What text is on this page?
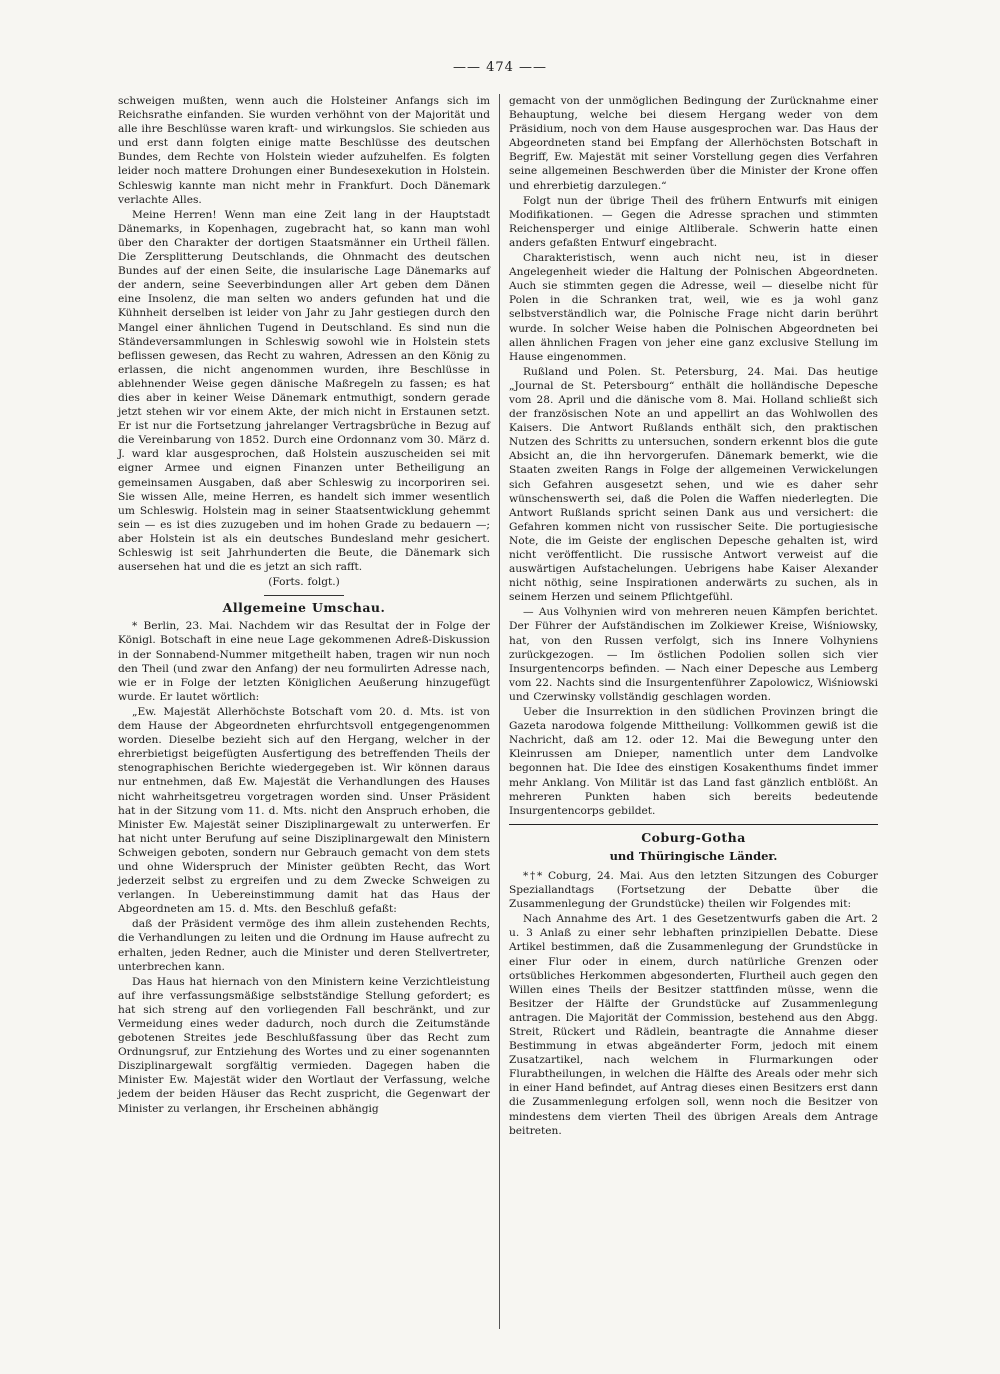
—— 474 ——

schweigen mußten, wenn auch die Holsteiner Anfangs sich im Reichsrathe einfanden. Sie wurden verhöhnt von der Majorität und alle ihre Beschlüsse waren kraft- und wirkungslos. Sie schieden aus und erst dann folgten einige matte Beschlüsse des deutschen Bundes, dem Rechte von Holstein wieder aufzuhelfen. Es folgten leider noch mattere Drohungen einer Bundesexekution in Holstein. Schleswig kannte man nicht mehr in Frankfurt. Doch Dänemark verlachte Alles.

Meine Herren! Wenn man eine Zeit lang in der Hauptstadt Dänemarks, in Kopenhagen, zugebracht hat, so kann man wohl über den Charakter der dortigen Staatsmänner ein Urtheil fällen. Die Zersplitterung Deutschlands, die Ohnmacht des deutschen Bundes auf der einen Seite, die insularische Lage Dänemarks auf der andern, seine Seeverbindungen aller Art geben dem Dänen eine Insolenz, die man selten wo anders gefunden hat und die Kühnheit derselben ist leider von Jahr zu Jahr gestiegen durch den Mangel einer ähnlichen Tugend in Deutschland. Es sind nun die Ständeversammlungen in Schleswig sowohl wie in Holstein stets beflissen gewesen, das Recht zu wahren, Adressen an den König zu erlassen, die nicht angenommen wurden, ihre Beschlüsse in ablehnender Weise gegen dänische Maßregeln zu fassen; es hat dies aber in keiner Weise Dänemark entmuthigt, sondern gerade jetzt stehen wir vor einem Akte, der mich nicht in Erstaunen setzt. Er ist nur die Fortsetzung jahrelanger Vertragsbrüche in Bezug auf die Vereinbarung von 1852. Durch eine Ordonnanz vom 30. März d. J. ward klar ausgesprochen, daß Holstein auszuscheiden sei mit eigner Armee und eignen Finanzen unter Betheiligung an gemeinsamen Ausgaben, daß aber Schleswig zu incorporiren sei. Sie wissen Alle, meine Herren, es handelt sich immer wesentlich um Schleswig. Holstein mag in seiner Staatsentwicklung gehemmt sein — es ist dies zuzugeben und im hohen Grade zu bedauern —; aber Holstein ist als ein deutsches Bundesland mehr gesichert. Schleswig ist seit Jahrhunderten die Beute, die Dänemark sich ausersehen hat und die es jetzt an sich rafft.

(Forts. folgt.)

Allgemeine Umschau.

* Berlin, 23. Mai. Nachdem wir das Resultat der in Folge der Königl. Botschaft in eine neue Lage gekommenen Adreß-Diskussion in der Sonnabend-Nummer mitgetheilt haben, tragen wir nun noch den Theil (und zwar den Anfang) der neu formulirten Adresse nach, wie er in Folge der letzten Königlichen Aeußerung hinzugefügt wurde. Er lautet wörtlich:

„Ew. Majestät Allerhöchste Botschaft vom 20. d. Mts. ist von dem Hause der Abgeordneten ehrfurchtsvoll entgegengenommen worden. Dieselbe bezieht sich auf den Hergang, welcher in der ehrerbietigst beigefügten Ausfertigung des betreffenden Theils der stenographischen Berichte wiedergegeben ist. Wir können daraus nur entnehmen, daß Ew. Majestät die Verhandlungen des Hauses nicht wahrheitsgetreu vorgetragen worden sind. Unser Präsident hat in der Sitzung vom 11. d. Mts. nicht den Anspruch erhoben, die Minister Ew. Majestät seiner Disziplinargewalt zu unterwerfen. Er hat nicht unter Berufung auf seine Disziplinargewalt den Ministern Schweigen geboten, sondern nur Gebrauch gemacht von dem stets und ohne Widerspruch der Minister geübten Recht, das Wort jederzeit selbst zu ergreifen und zu dem Zwecke Schweigen zu verlangen. In Uebereinstimmung damit hat das Haus der Abgeordneten am 15. d. Mts. den Beschluß gefaßt:

daß der Präsident vermöge des ihm allein zustehenden Rechts, die Verhandlungen zu leiten und die Ordnung im Hause aufrecht zu erhalten, jeden Redner, auch die Minister und deren Stellvertreter, unterbrechen kann.

Das Haus hat hiernach von den Ministern keine Verzichtleistung auf ihre verfassungsmäßige selbstständige Stellung gefordert; es hat sich streng auf den vorliegenden Fall beschränkt, und zur Vermeidung eines weder dadurch, noch durch die Zeitumstände gebotenen Streites jede Beschlußfassung über das Recht zum Ordnungsruf, zur Entziehung des Wortes und zu einer sogenannten Disziplinargewalt sorgfältig vermieden. Dagegen haben die Minister Ew. Majestät wider den Wortlaut der Verfassung, welche jedem der beiden Häuser das Recht zuspricht, die Gegenwart der Minister zu verlangen, ihr Erscheinen abhängig

gemacht von der unmöglichen Bedingung der Zurücknahme einer Behauptung, welche bei diesem Hergang weder von dem Präsidium, noch von dem Hause ausgesprochen war. Das Haus der Abgeordneten stand bei Empfang der Allerhöchsten Botschaft in Begriff, Ew. Majestät mit seiner Vorstellung gegen dies Verfahren seine allgemeinen Beschwerden über die Minister der Krone offen und ehrerbietig darzulegen.“

Folgt nun der übrige Theil des frühern Entwurfs mit einigen Modifikationen. — Gegen die Adresse sprachen und stimmten Reichensperger und einige Altliberale. Schwerin hatte einen anders gefaßten Entwurf eingebracht.

Charakteristisch, wenn auch nicht neu, ist in dieser Angelegenheit wieder die Haltung der Polnischen Abgeordneten. Auch sie stimmten gegen die Adresse, weil — dieselbe nicht für Polen in die Schranken trat, weil, wie es ja wohl ganz selbstverständlich war, die Polnische Frage nicht darin berührt wurde. In solcher Weise haben die Polnischen Abgeordneten bei allen ähnlichen Fragen von jeher eine ganz exclusive Stellung im Hause eingenommen.

Rußland und Polen. St. Petersburg, 24. Mai. Das heutige „Journal de St. Petersbourg“ enthält die holländische Depesche vom 28. April und die dänische vom 8. Mai. Holland schließt sich der französischen Note an und appellirt an das Wohlwollen des Kaisers. Die Antwort Rußlands enthält sich, den praktischen Nutzen des Schritts zu untersuchen, sondern erkennt blos die gute Absicht an, die ihn hervorgerufen. Dänemark bemerkt, wie die Staaten zweiten Rangs in Folge der allgemeinen Verwickelungen sich Gefahren ausgesetzt sehen, und wie es daher sehr wünschenswerth sei, daß die Polen die Waffen niederlegten. Die Antwort Rußlands spricht seinen Dank aus und versichert: die Gefahren kommen nicht von russischer Seite. Die portugiesische Note, die im Geiste der englischen Depesche gehalten ist, wird nicht veröffentlicht. Die russische Antwort verweist auf die auswärtigen Aufstachelungen. Uebrigens habe Kaiser Alexander nicht nöthig, seine Inspirationen anderwärts zu suchen, als in seinem Herzen und seinem Pflichtgefühl.

— Aus Volhynien wird von mehreren neuen Kämpfen berichtet. Der Führer der Aufständischen im Zolkiewer Kreise, Wiśniowsky, hat, von den Russen verfolgt, sich ins Innere Volhyniens zurückgezogen. — Im östlichen Podolien sollen sich vier Insurgentencorps befinden. — Nach einer Depesche aus Lemberg vom 22. Nachts sind die Insurgentenführer Zapolowicz, Wiśniowski und Czerwinsky vollständig geschlagen worden.

Ueber die Insurrektion in den südlichen Provinzen bringt die Gazeta narodowa folgende Mittheilung: Vollkommen gewiß ist die Nachricht, daß am 12. oder 12. Mai die Bewegung unter den Kleinrussen am Dnieper, namentlich unter dem Landvolke begonnen hat. Die Idee des einstigen Kosakenthums findet immer mehr Anklang. Von Militär ist das Land fast gänzlich entblößt. An mehreren Punkten haben sich bereits bedeutende Insurgentencorps gebildet.

Coburg-Gotha
und Thüringische Länder.

*†* Coburg, 24. Mai. Aus den letzten Sitzungen des Coburger Speziallandtags (Fortsetzung der Debatte über die Zusammenlegung der Grundstücke) theilen wir Folgendes mit:

Nach Annahme des Art. 1 des Gesetzentwurfs gaben die Art. 2 u. 3 Anlaß zu einer sehr lebhaften prinzipiellen Debatte. Diese Artikel bestimmen, daß die Zusammenlegung der Grundstücke in einer Flur oder in einem, durch natürliche Grenzen oder ortsübliches Herkommen abgesonderten, Flurtheil auch gegen den Willen eines Theils der Besitzer stattfinden müsse, wenn die Besitzer der Hälfte der Grundstücke auf Zusammenlegung antragen. Die Majorität der Commission, bestehend aus den Abgg. Streit, Rückert und Rädlein, beantragte die Annahme dieser Bestimmung in etwas abgeänderter Form, jedoch mit einem Zusatzartikel, nach welchem in Flurmarkungen oder Flurabtheilungen, in welchen die Hälfte des Areals oder mehr sich in einer Hand befindet, auf Antrag dieses einen Besitzers erst dann die Zusammenlegung erfolgen soll, wenn noch die Besitzer von mindestens dem vierten Theil des übrigen Areals dem Antrage beitreten.
